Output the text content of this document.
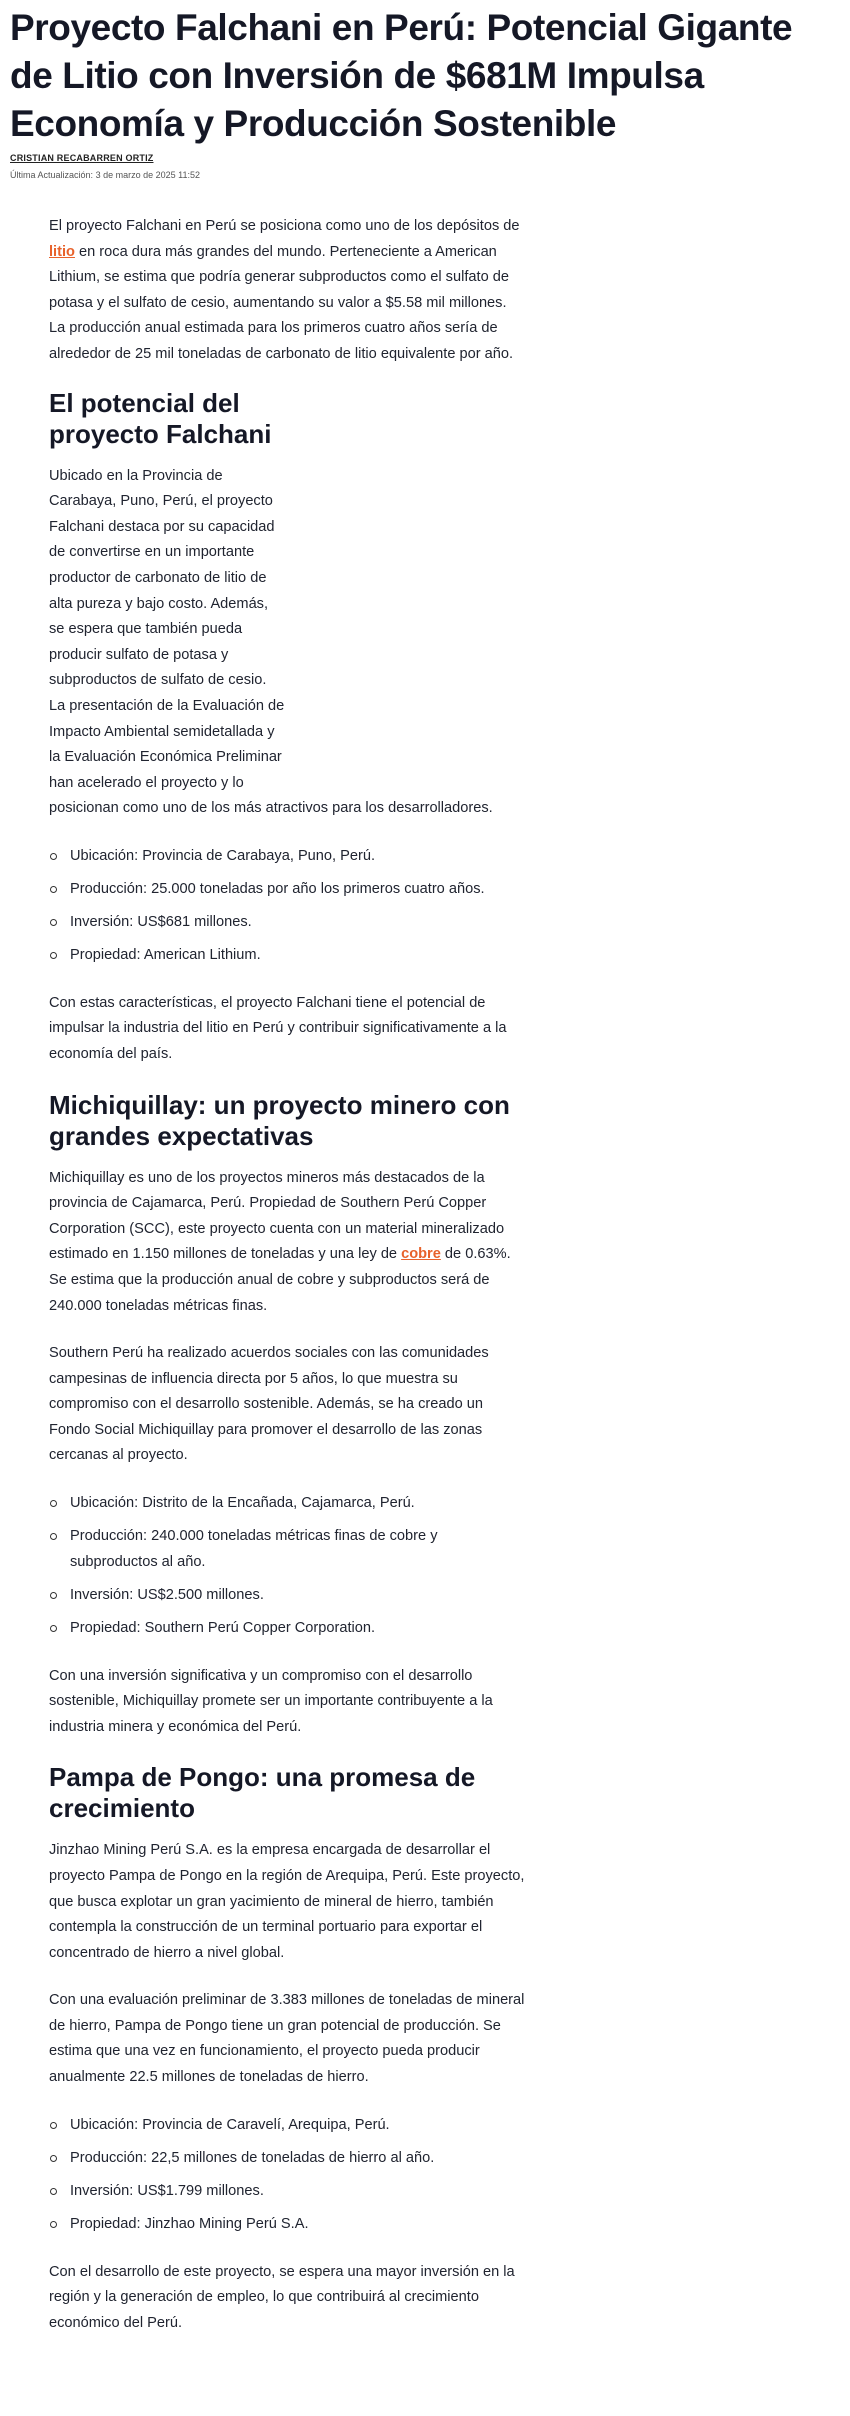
Proyecto Falchani en Perú: Potencial Gigante de Litio con Inversión de $681M Impulsa Economía y Producción Sostenible
CRISTIAN RECABARREN ORTIZ
Última Actualización: 3 de marzo de 2025 11:52

El proyecto Falchani en Perú se posiciona como uno de los depósitos de litio en roca dura más grandes del mundo. Perteneciente a American Lithium, se estima que podría generar subproductos como el sulfato de potasa y el sulfato de cesio, aumentando su valor a $5.58 mil millones. La producción anual estimada para los primeros cuatro años sería de alrededor de 25 mil toneladas de carbonato de litio equivalente por año.

El potencial del proyecto Falchani

Ubicado en la Provincia de Carabaya, Puno, Perú, el proyecto Falchani destaca por su capacidad de convertirse en un importante productor de carbonato de litio de alta pureza y bajo costo. Además, se espera que también pueda producir sulfato de potasa y subproductos de sulfato de cesio. La presentación de la Evaluación de Impacto Ambiental semidetallada y la Evaluación Económica Preliminar han acelerado el proyecto y lo posicionan como uno de los más atractivos para los desarrolladores.

Ubicación: Provincia de Carabaya, Puno, Perú.
Producción: 25.000 toneladas por año los primeros cuatro años.
Inversión: US$681 millones.
Propiedad: American Lithium.

Con estas características, el proyecto Falchani tiene el potencial de impulsar la industria del litio en Perú y contribuir significativamente a la economía del país.

Michiquillay: un proyecto minero con grandes expectativas

Michiquillay es uno de los proyectos mineros más destacados de la provincia de Cajamarca, Perú. Propiedad de Southern Perú Copper Corporation (SCC), este proyecto cuenta con un material mineralizado estimado en 1.150 millones de toneladas y una ley de cobre de 0.63%. Se estima que la producción anual de cobre y subproductos será de 240.000 toneladas métricas finas.

Southern Perú ha realizado acuerdos sociales con las comunidades campesinas de influencia directa por 5 años, lo que muestra su compromiso con el desarrollo sostenible. Además, se ha creado un Fondo Social Michiquillay para promover el desarrollo de las zonas cercanas al proyecto.

Ubicación: Distrito de la Encañada, Cajamarca, Perú.
Producción: 240.000 toneladas métricas finas de cobre y subproductos al año.
Inversión: US$2.500 millones.
Propiedad: Southern Perú Copper Corporation.

Con una inversión significativa y un compromiso con el desarrollo sostenible, Michiquillay promete ser un importante contribuyente a la industria minera y económica del Perú.

Pampa de Pongo: una promesa de crecimiento

Jinzhao Mining Perú S.A. es la empresa encargada de desarrollar el proyecto Pampa de Pongo en la región de Arequipa, Perú. Este proyecto, que busca explotar un gran yacimiento de mineral de hierro, también contempla la construcción de un terminal portuario para exportar el concentrado de hierro a nivel global.

Con una evaluación preliminar de 3.383 millones de toneladas de mineral de hierro, Pampa de Pongo tiene un gran potencial de producción. Se estima que una vez en funcionamiento, el proyecto pueda producir anualmente 22.5 millones de toneladas de hierro.

Ubicación: Provincia de Caravelí, Arequipa, Perú.
Producción: 22,5 millones de toneladas de hierro al año.
Inversión: US$1.799 millones.
Propiedad: Jinzhao Mining Perú S.A.

Con el desarrollo de este proyecto, se espera una mayor inversión en la región y la generación de empleo, lo que contribuirá al crecimiento económico del Perú.
